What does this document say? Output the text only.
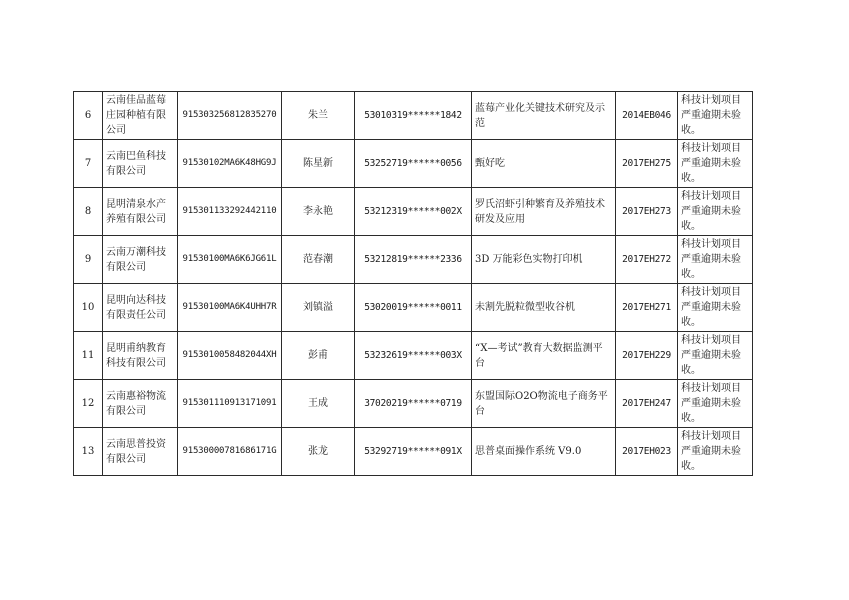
6	云南佳品蓝莓庄园种植有限公司	915303256812835270	朱兰	53010319******1842	蓝莓产业化关键技术研究及示范	2014EB046	科技计划项目严重逾期未验收。
7	云南巴鱼科技有限公司	91530102MA6K48HG9J	陈星新	53252719******0056	甄好吃	2017EH275	科技计划项目严重逾期未验收。
8	昆明清泉水产养殖有限公司	915301133292442110	李永艳	53212319******002X	罗氏沼虾引种繁育及养殖技术研发及应用	2017EH273	科技计划项目严重逾期未验收。
9	云南万潮科技有限公司	91530100MA6K6JG61L	范春潮	53212819******2336	3D 万能彩色实物打印机	2017EH272	科技计划项目严重逾期未验收。
10	昆明向达科技有限责任公司	91530100MA6K4UHH7R	刘镇溢	53020019******0011	未割先脱粒微型收谷机	2017EH271	科技计划项目严重逾期未验收。
11	昆明甫纳教育科技有限公司	9153010058482044XH	彭甫	53232619******003X	“X—考试”教育大数据监测平台	2017EH229	科技计划项目严重逾期未验收。
12	云南惠裕物流有限公司	915301110913171091	王成	37020219******0719	东盟国际O2O物流电子商务平台	2017EH247	科技计划项目严重逾期未验收。
13	云南思普投资有限公司	91530000781686171G	张龙	53292719******091X	思普桌面操作系统 V9.0	2017EH023	科技计划项目严重逾期未验收。
